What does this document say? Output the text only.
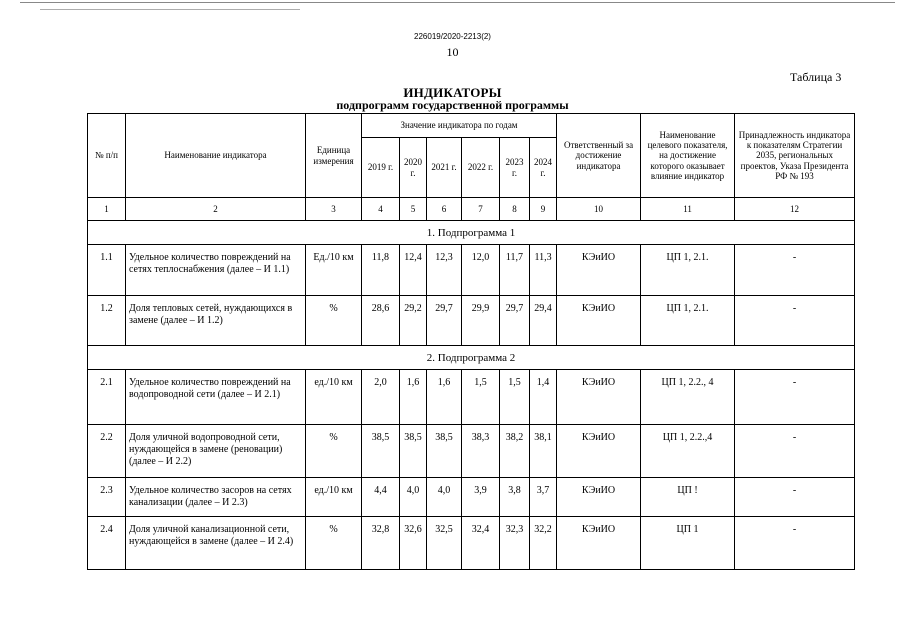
226019/2020-2213(2)
10
Таблица 3
ИНДИКАТОРЫ
подпрограмм государственной программы
№ п/п	Наименование индикатора	Единица измерения	Значение индикатора по годам						Ответственный за достижение индикатора	Наименование целевого показателя, на достижение которого оказывает влияние индикатор	Принадлежность индикатора к показателям Стратегии 2035, региональных проектов, Указа Президента РФ № 193
			2019 г.	2020 г.	2021 г.	2022 г.	2023 г.	2024 г.			
1	2	3	4	5	6	7	8	9	10	11	12
1. Подпрограмма 1											
1.1	Удельное количество повреждений на сетях теплоснабжения (далее – И 1.1)	Ед./10 км	11,8	12,4	12,3	12,0	11,7	11,3	КЭиИО	ЦП 1, 2.1.	-
1.2	Доля тепловых сетей, нуждающихся в замене (далее – И 1.2)	%	28,6	29,2	29,7	29,9	29,7	29,4	КЭиИО	ЦП 1, 2.1.	-
2. Подпрограмма 2											
2.1	Удельное количество повреждений на водопроводной сети (далее – И 2.1)	ед./10 км	2,0	1,6	1,6	1,5	1,5	1,4	КЭиИО	ЦП 1, 2.2., 4	-
2.2	Доля уличной водопроводной сети, нуждающейся в замене (реновации) (далее – И 2.2)	%	38,5	38,5	38,5	38,3	38,2	38,1	КЭиИО	ЦП 1, 2.2.,4	-
2.3	Удельное количество засоров на сетях канализации (далее – И 2.3)	ед./10 км	4,4	4,0	4,0	3,9	3,8	3,7	КЭиИО	ЦП !	-
2.4	Доля уличной канализационной сети, нуждающейся в замене (далее – И 2.4)	%	32,8	32,6	32,5	32,4	32,3	32,2	КЭиИО	ЦП 1	-
